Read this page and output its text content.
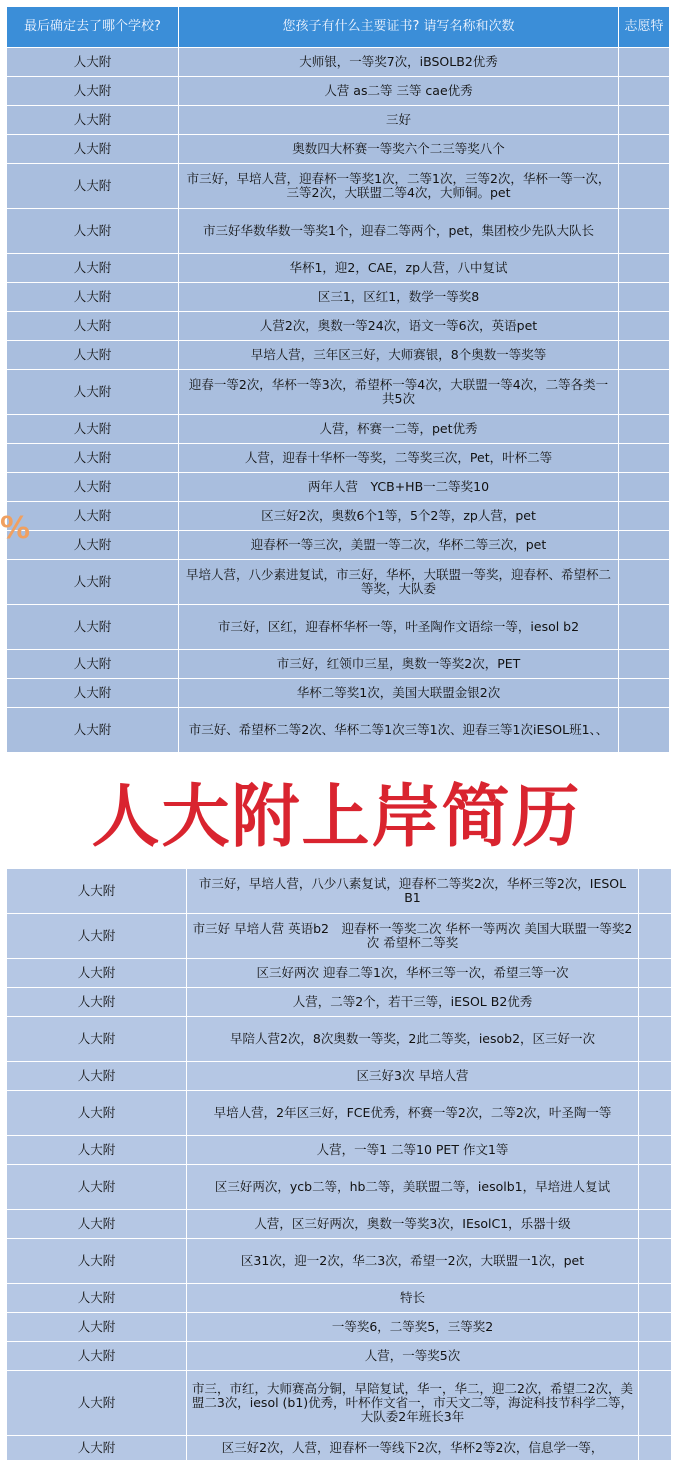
最后确定去了哪个学校?	您孩子有什么主要证书? 请写名称和次数	志愿特
人大附	大师银，一等奖7次，iBSOLB2优秀	
人大附	人营 as二等 三等 cae优秀	
人大附	三好	
人大附	奥数四大杯赛一等奖六个二三等奖八个	
人大附	市三好，早培人营，迎春杯一等奖1次，二等1次，三等2次，华杯一等一次，三等2次，大联盟二等4次，大师铜。pet	
人大附	市三好华数华数一等奖1个，迎春二等两个，pet，集团校少先队大队长	
人大附	华杯1，迎2，CAE，zp人营，八中复试	
人大附	区三1，区红1，数学一等奖8	
人大附	人营2次，奥数一等24次，语文一等6次，英语pet	
人大附	早培人营，三年区三好，大师赛银，8个奥数一等奖等	
人大附	迎春一等2次，华杯一等3次，希望杯一等4次，大联盟一等4次，二等各类一共5次	
人大附	人营，杯赛一二等，pet优秀	
人大附	人营，迎春十华杯一等奖，二等奖三次，Pet，叶杯二等	
人大附	两年人营　YCB+HB一二等奖10	
人大附	区三好2次，奥数6个1等，5个2等，zp人营，pet	
人大附	迎春杯一等三次，美盟一等二次，华杯二等三次，pet	
人大附	早培人营，八少素进复试，市三好，华杯，大联盟一等奖，迎春杯、希望杯二等奖，大队委	
人大附	市三好，区红，迎春杯华杯一等，叶圣陶作文语综一等，iesol b2	
人大附	市三好，红领巾三星，奥数一等奖2次，PET	
人大附	华杯二等奖1次，美国大联盟金银2次	
人大附	市三好、希望杯二等2次、华杯二等1次三等1次、迎春三等1次iESOL班1、、	
%
人大附上岸简历
人大附	市三好，早培人营，八少八素复试，迎春杯二等奖2次，华杯三等2次，IESOL　B1	
人大附	市三好 早培人营 英语b2　迎春杯一等奖二次 华杯一等两次 美国大联盟一等奖2次 希望杯二等奖	
人大附	区三好两次 迎春二等1次，华杯三等一次，希望三等一次	
人大附	人营，二等2个，若干三等，iESOL B2优秀	
人大附	早陪人营2次，8次奥数一等奖，2此二等奖，iesob2，区三好一次	
人大附	区三好3次 早培人营	
人大附	早培人营，2年区三好，FCE优秀，杯赛一等2次，二等2次，叶圣陶一等	
人大附	人营，一等1 二等10 PET 作文1等	
人大附	区三好两次，ycb二等，hb二等，美联盟二等，iesolb1，早培进人复试	
人大附	人营，区三好两次，奥数一等奖3次，IEsolC1，乐器十级	
人大附	区31次，迎一2次，华二3次，希望一2次，大联盟一1次，pet	
人大附	特长	
人大附	一等奖6，二等奖5，三等奖2	
人大附	人营，一等奖5次	
人大附	市三，市红，大师赛高分铜，早陪复试，华一，华二，迎二2次，希望二2次，美盟二3次，iesol (b1)优秀，叶杯作文省一，市天文二等，海淀科技节科学二等，大队委2年班长3年	
人大附	区三好2次，人营，迎春杯一等线下2次，华杯2等2次，信息学一等，	
